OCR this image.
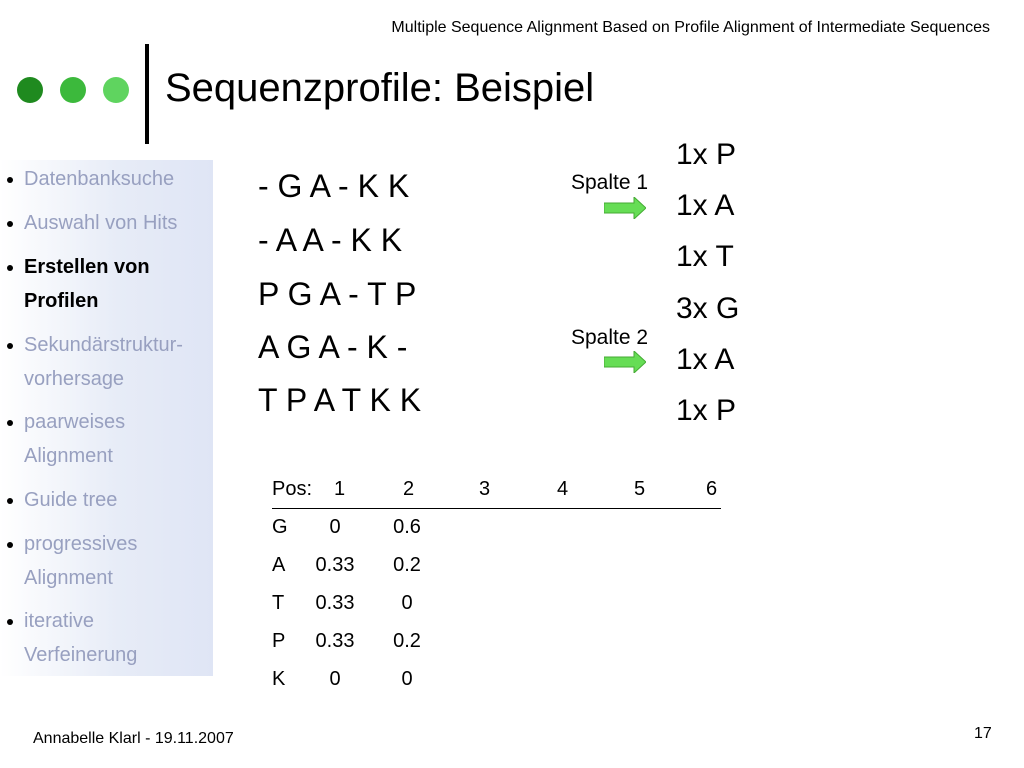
Multiple Sequence Alignment Based on Profile Alignment of Intermediate Sequences
Sequenzprofile: Beispiel
Datenbanksuche
Auswahl von Hits
Erstellen von
Profilen
Sekundärstruktur-
vorhersage
paarweises
Alignment
Guide tree
progressives
Alignment
iterative
Verfeinerung
- G A - K K
- A A - K K
P G A - T P
A G A - K -
T P A T K K
Spalte 1
Spalte 2
1x P
1x A
1x T
3x G
1x A
1x P
Pos: 1	2	3	4	5	6
G	0	0.6
A	0.33	0.2
T	0.33	0
P	0.33	0.2
K	0	0
Annabelle Klarl - 19.11.2007	17
